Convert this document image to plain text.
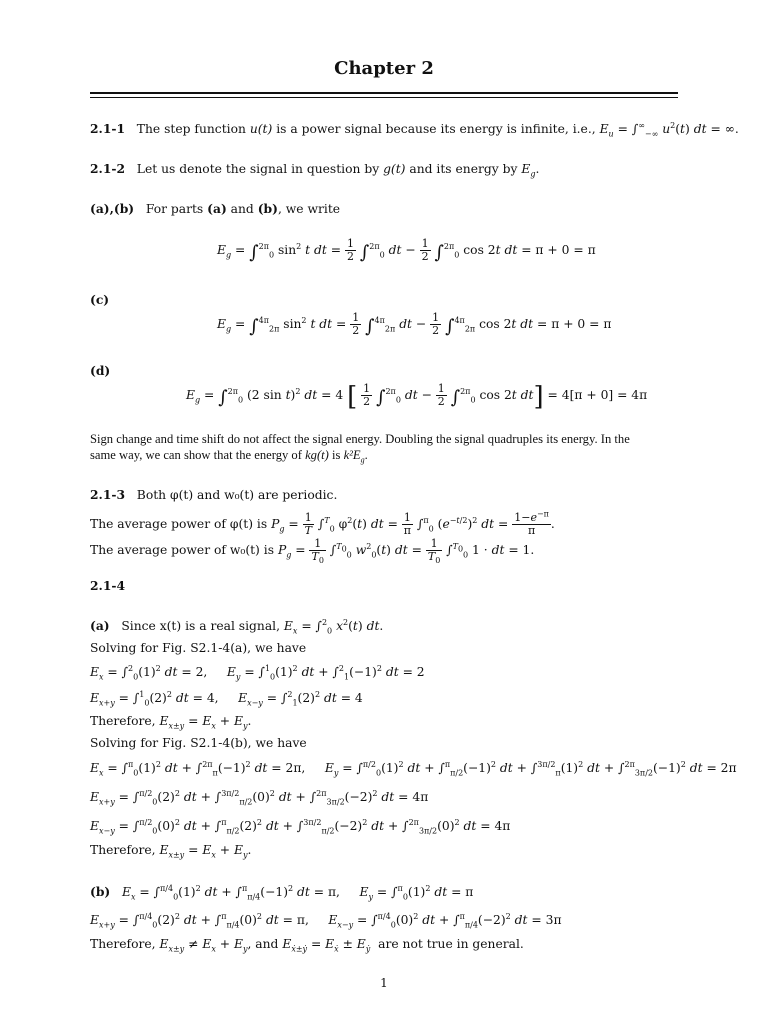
Chapter 2
2.1-1 The step function u(t) is a power signal because its energy is infinite, i.e., $E_u = \int^\infty_{-\infty}$ $u^2(t)$ dt = ∞.
2.1-2 Let us denote the signal in question by g(t) and its energy by $E_g$.
(a),(b) For parts (a) and (b), we write
$E_g = \int^{2\pi}_0$ $\sin^2 t$ dt = $\frac{1}{2} \int^{2\pi}_0$ dt − $\frac{1}{2} \int^{2\pi}_0$ cos 2t dt = π + 0 = π
(c)
$E_g = \int^{4\pi}_{2\pi}$ $\sin^2 t$ dt = $\frac{1}{2} \int^{4\pi}_{2\pi}$ dt − $\frac{1}{2} \int^{4\pi}_{2\pi}$ cos 2t dt = π + 0 = π
(d)
$E_g = \int^{2\pi}_0$ (2 sin t)$^2$ dt = 4 [ $\frac{1}{2} \int^{2\pi}_0$ dt − $\frac{1}{2} \int^{2\pi}_0$ cos 2t dt] = 4[π + 0] = 4π
Sign change and time shift do not affect the signal energy. Doubling the signal quadruples its energy. In the
same way, we can show that the energy of kg(t) is $k^2E_g$.
2.1-3 Both φ(t) and w₀(t) are periodic.
The average power of φ(t) is $P_g = \frac{1}{T} \int^T_0$ $\varphi^2(t)$ dt = $\frac{1}{\pi} \int^\pi_0$ $(e^{-t/2})^2$ dt = $\frac{1-e^{-\pi}}{\pi}$ .
The average power of w₀(t) is $P_g = \frac{1}{T_0} \int^{T_0}_0$ $w^2_0(t)$ dt = $\frac{1}{T_0} \int^{T_0}_0$ 1 · dt = 1.
2.1-4
(a) Since x(t) is a real signal, $E_x = \int^2_0$ $x^2(t)$ dt.
Solving for Fig. S2.1-4(a), we have
$E_x = \int^2_0(1)^2$ dt = 2,     $E_y = \int^1_0(1)^2$ dt + $\int^2_1(-1)^2$ dt = 2
$E_{x+y} = \int^1_0(2)^2$ dt = 4,     $E_{x-y} = \int^2_1(2)^2$ dt = 4
Therefore, $E_{x\pm y} = E_x + E_y$.
Solving for Fig. S2.1-4(b), we have
$E_x = \int^\pi_0(1)^2$ dt + $\int^{2\pi}_\pi(-1)^2$ dt = 2π,     $E_y = \int^{\pi/2}_0(1)^2$ dt + $\int^\pi_{\pi/2}(-1)^2$ dt + $\int^{3\pi/2}_\pi(1)^2$ dt + $\int^{2\pi}_{3\pi/2}(-1)^2$ dt = 2π
$E_{x+y} = \int^{\pi/2}_0(2)^2$ dt + $\int^{3\pi/2}_{\pi/2}(0)^2$ dt + $\int^{2\pi}_{3\pi/2}(-2)^2$ dt = 4π
$E_{x-y} = \int^{\pi/2}_0(0)^2$ dt + $\int^\pi_{\pi/2}(2)^2$ dt + $\int^{3\pi/2}_{\pi/2}(-2)^2$ dt + $\int^{2\pi}_{3\pi/2}(0)^2$ dt = 4π
Therefore, $E_{x\pm y} = E_x + E_y$.
(b) $E_x = \int^{\pi/4}_0(1)^2$ dt + $\int^\pi_{\pi/4}(-1)^2$ dt = π,     $E_y = \int^\pi_0(1)^2$ dt = π
$E_{x+y} = \int^{\pi/4}_0(2)^2$ dt + $\int^\pi_{\pi/4}(0)^2$ dt = π,     $E_{x-y} = \int^{\pi/4}_0(0)^2$ dt + $\int^\pi_{\pi/4}(-2)^2$ dt = 3π
Therefore, $E_{x\pm y} \ne E_x + E_y$, and $E_{ẋ\pm ẏ} = E_ẋ \pm E_ẏ$  are not true in general.
1
